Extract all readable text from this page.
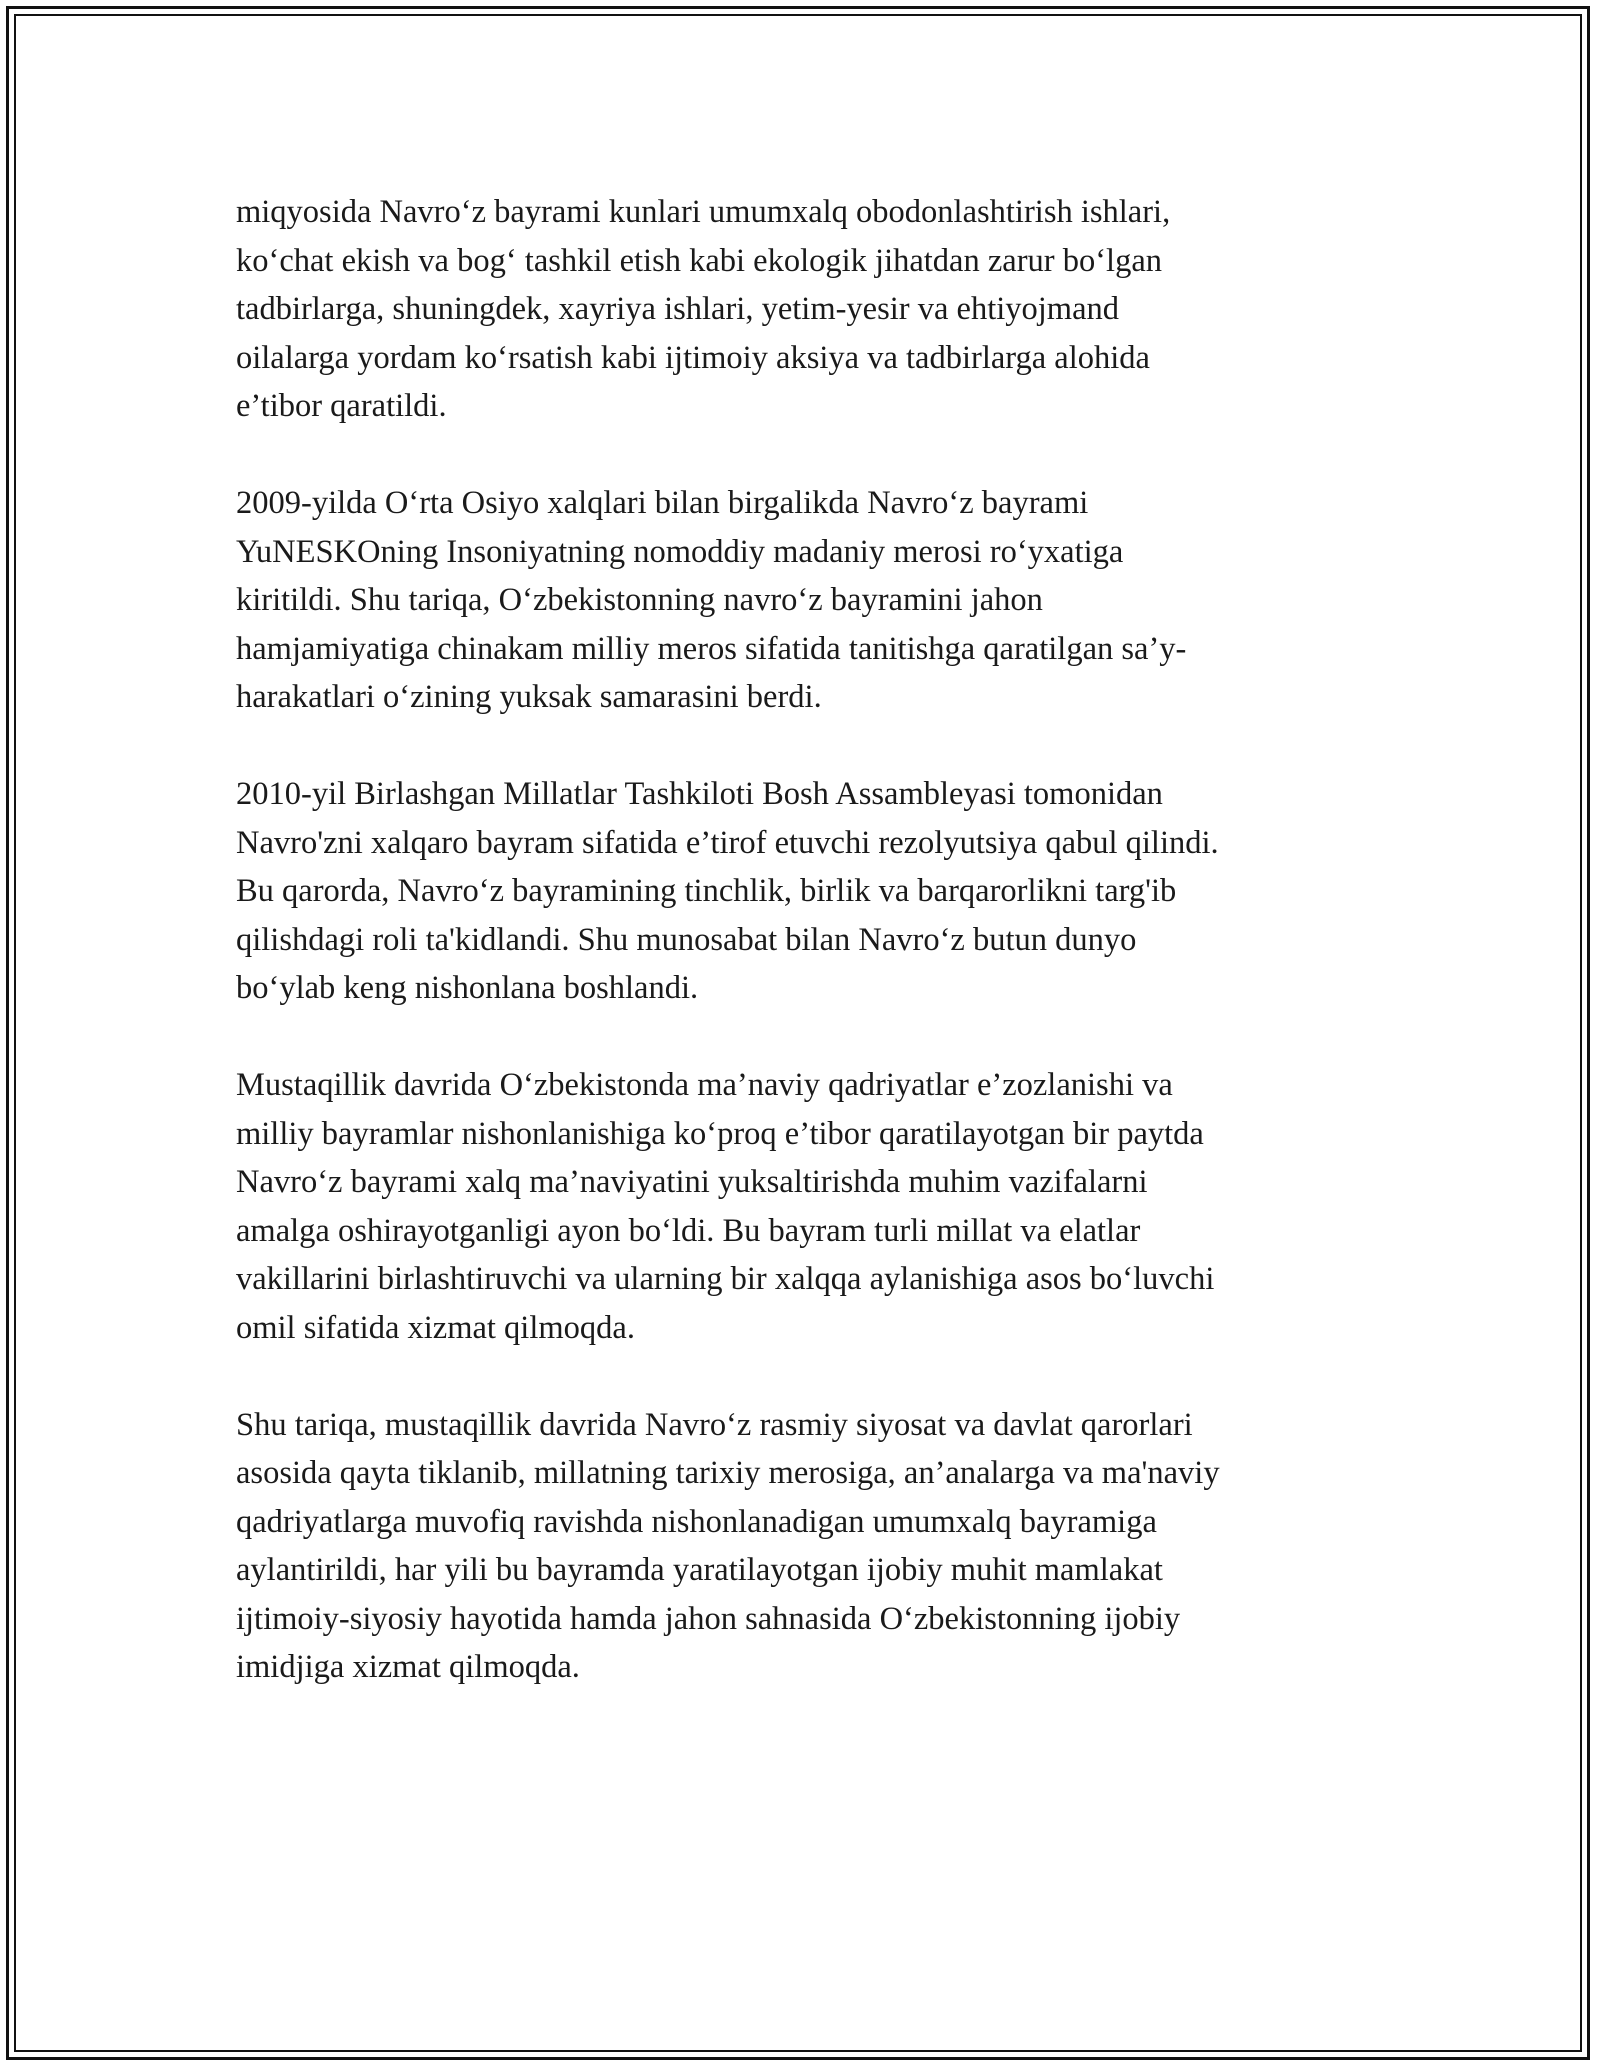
miqyosida Navro‘z bayrami kunlari umumxalq obodonlashtirish ishlari,
ko‘chat ekish va bog‘ tashkil etish kabi ekologik jihatdan zarur bo‘lgan
tadbirlarga, shuningdek, xayriya ishlari, yetim-yesir va ehtiyojmand
oilalarga yordam ko‘rsatish kabi ijtimoiy aksiya va tadbirlarga alohida
e’tibor qaratildi.

2009-yilda O‘rta Osiyo xalqlari bilan birgalikda Navro‘z bayrami
YuNESKOning Insoniyatning nomoddiy madaniy merosi ro‘yxatiga
kiritildi. Shu tariqa, O‘zbekistonning navro‘z bayramini jahon
hamjamiyatiga chinakam milliy meros sifatida tanitishga qaratilgan sa’y-
harakatlari o‘zining yuksak samarasini berdi.

2010-yil Birlashgan Millatlar Tashkiloti Bosh Assambleyasi tomonidan
Navro'zni xalqaro bayram sifatida e’tirof etuvchi rezolyutsiya qabul qilindi.
Bu qarorda, Navro‘z bayramining tinchlik, birlik va barqarorlikni targ'ib
qilishdagi roli ta'kidlandi. Shu munosabat bilan Navro‘z butun dunyo
bo‘ylab keng nishonlana boshlandi.

Mustaqillik davrida O‘zbekistonda ma’naviy qadriyatlar e’zozlanishi va
milliy bayramlar nishonlanishiga ko‘proq e’tibor qaratilayotgan bir paytda
Navro‘z bayrami xalq ma’naviyatini yuksaltirishda muhim vazifalarni
amalga oshirayotganligi ayon bo‘ldi. Bu bayram turli millat va elatlar
vakillarini birlashtiruvchi va ularning bir xalqqa aylanishiga asos bo‘luvchi
omil sifatida xizmat qilmoqda.

Shu tariqa, mustaqillik davrida Navro‘z rasmiy siyosat va davlat qarorlari
asosida qayta tiklanib, millatning tarixiy merosiga, an’analarga va ma'naviy
qadriyatlarga muvofiq ravishda nishonlanadigan umumxalq bayramiga
aylantirildi, har yili bu bayramda yaratilayotgan ijobiy muhit mamlakat
ijtimoiy-siyosiy hayotida hamda jahon sahnasida O‘zbekistonning ijobiy
imidjiga xizmat qilmoqda.
